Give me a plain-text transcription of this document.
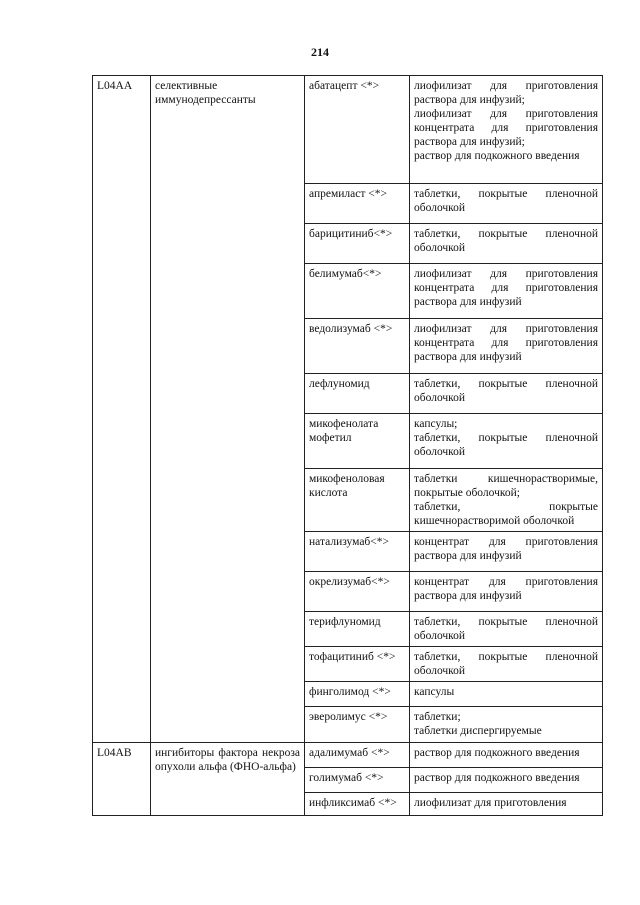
214
L04AA	селективные иммунодепрессанты	абатацепт <*>	лиофилизат для приготовления раствора для инфузий;
лиофилизат для приготовления концентрата для приготовления раствора для инфузий;
раствор для подкожного введения

		апремиласт <*>	таблетки, покрытые пленочной оболочкой

		барицитиниб<*>	таблетки, покрытые пленочной оболочкой

		белимумаб<*>	лиофилизат для приготовления концентрата для приготовления раствора для инфузий

		ведолизумаб <*>	лиофилизат для приготовления концентрата для приготовления раствора для инфузий

		лефлуномид	таблетки, покрытые пленочной оболочкой

		микофенолата мофетил	капсулы;
таблетки, покрытые пленочной оболочкой

		микофеноловая кислота	таблетки кишечнорастворимые, покрытые оболочкой;
таблетки, покрытые кишечнорастворимой оболочкой

		натализумаб<*>	концентрат для приготовления раствора для инфузий

		окрелизумаб<*>	концентрат для приготовления раствора для инфузий

		терифлуномид	таблетки, покрытые пленочной оболочкой

		тофацитиниб <*>	таблетки, покрытые пленочной оболочкой

		финголимод <*>	капсулы

		эверолимус <*>	таблетки;
таблетки диспергируемые

L04AB	ингибиторы фактора некроза опухоли альфа (ФНО-альфа)	адалимумаб <*>	раствор для подкожного введения

		голимумаб <*>	раствор для подкожного введения

		инфликсимаб <*>	лиофилизат для приготовления
